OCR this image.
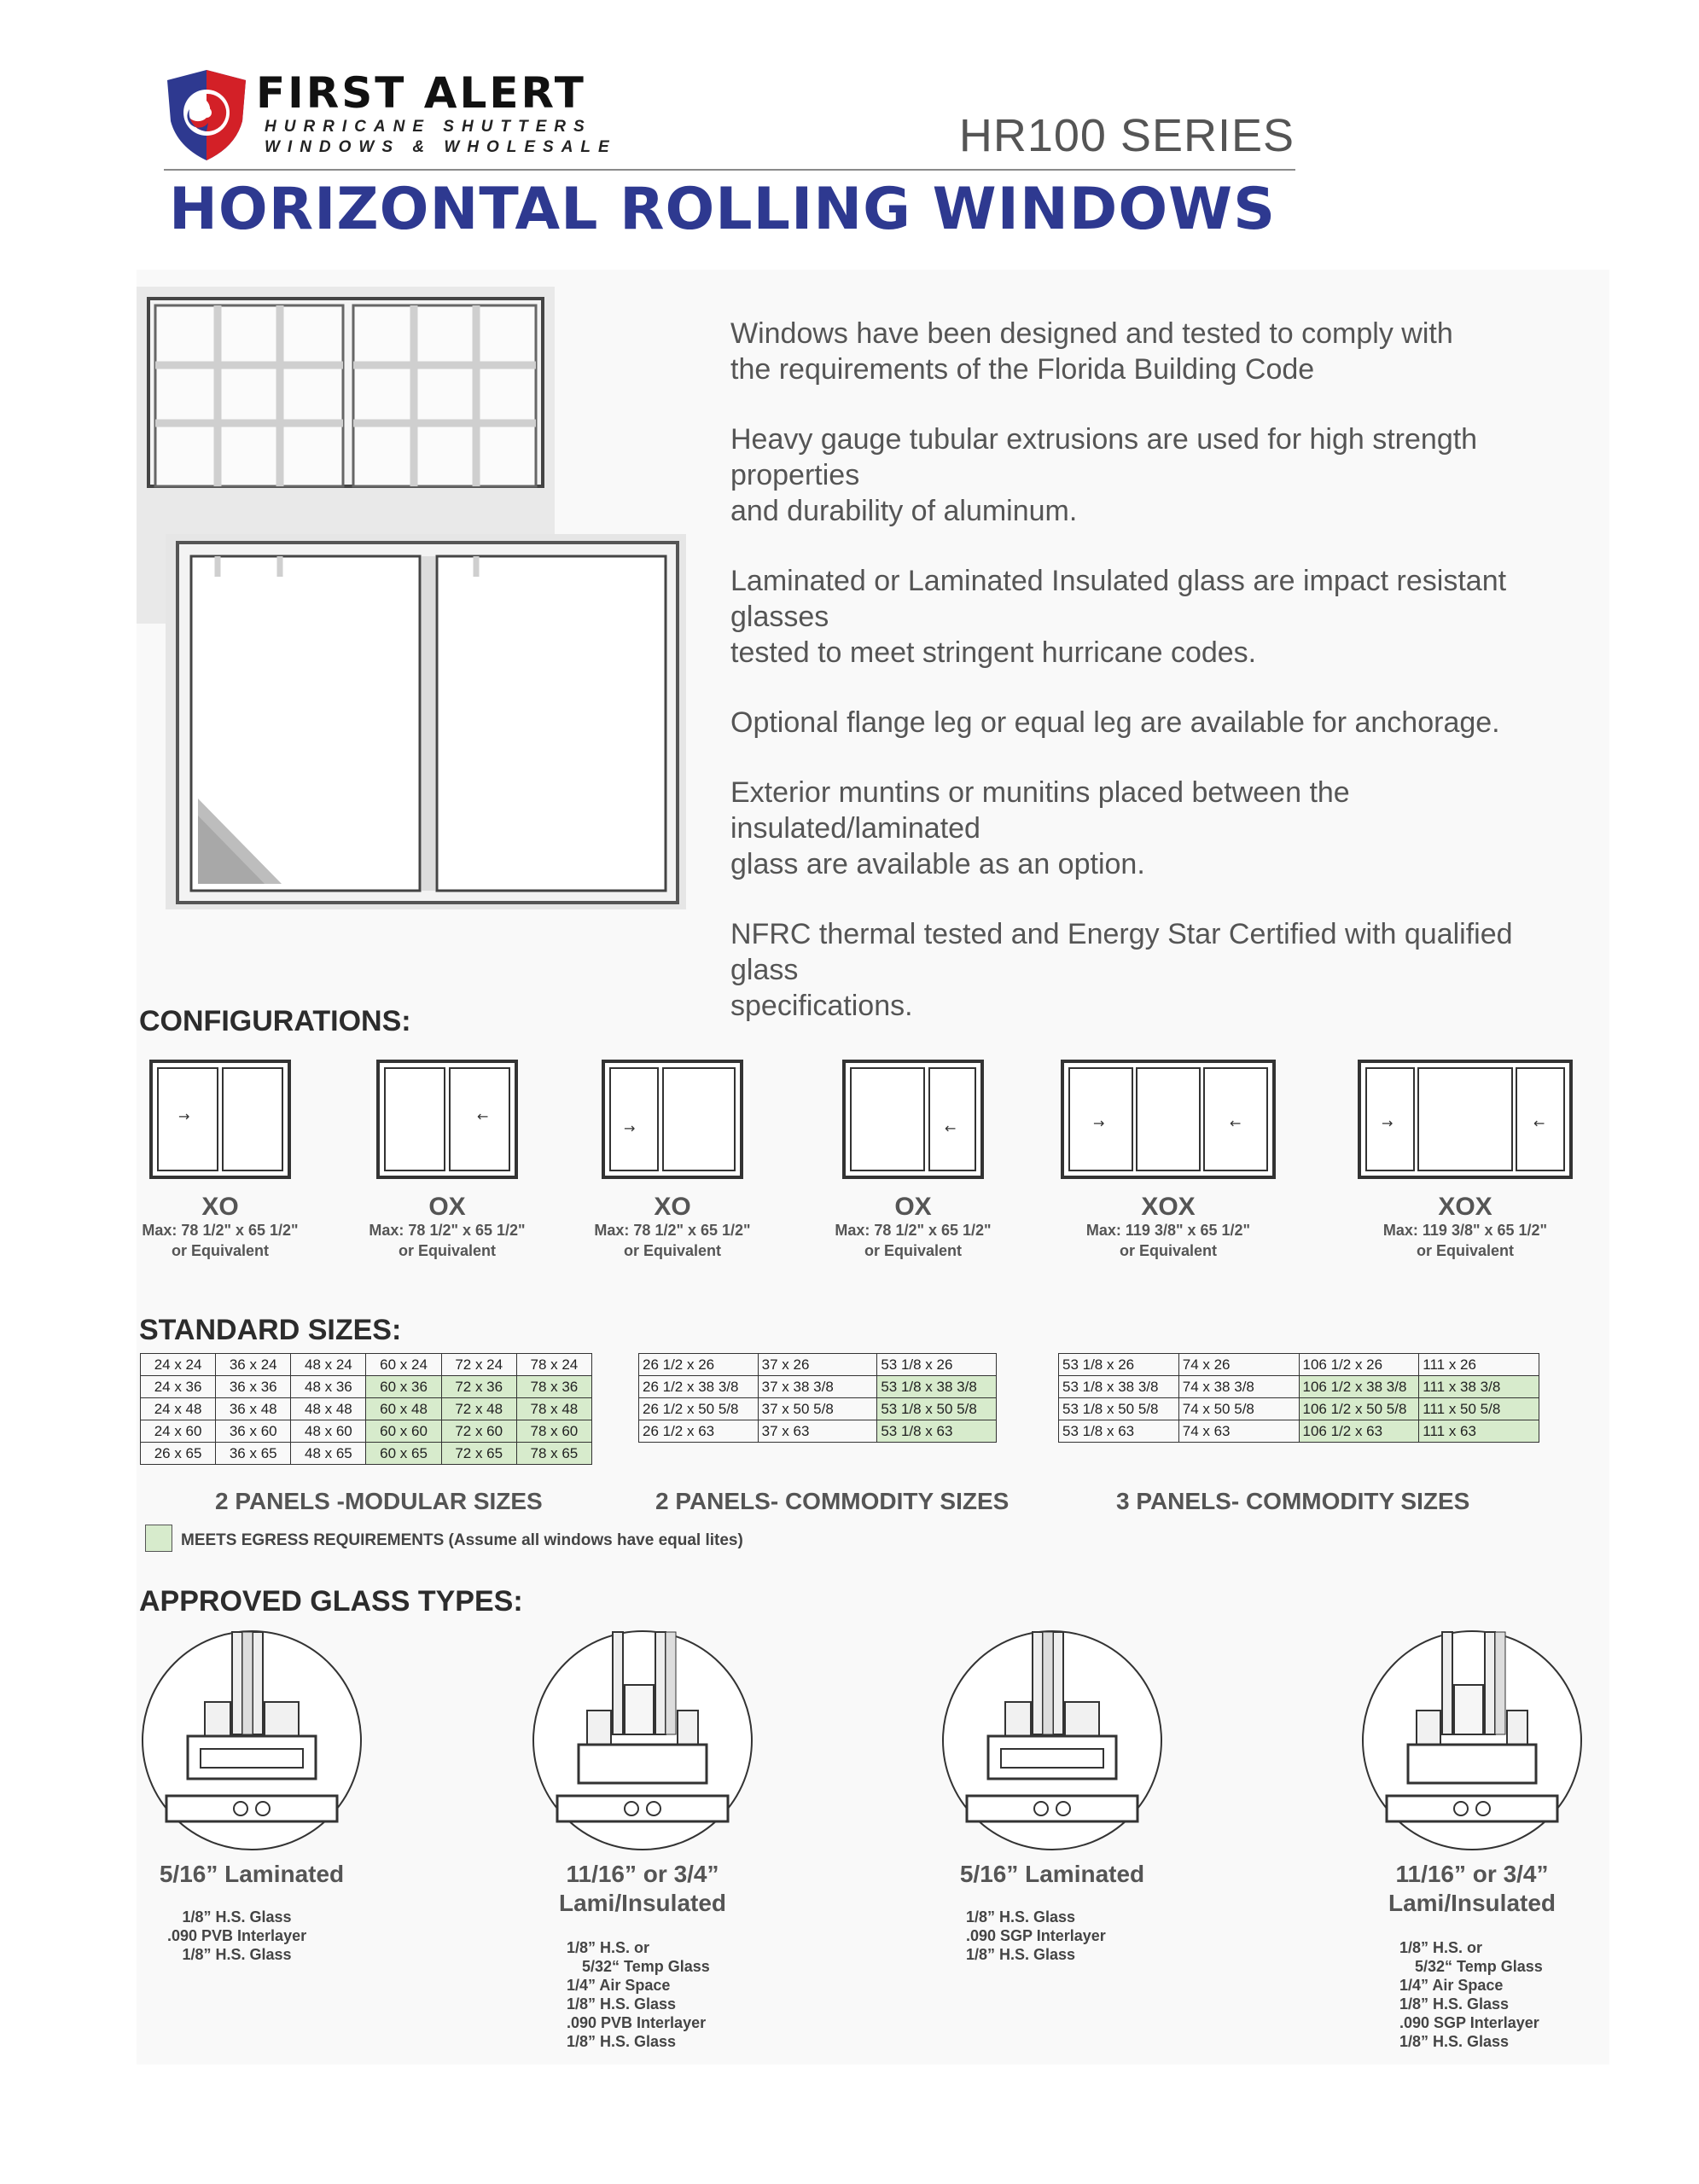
FIRST ALERT
HURRICANE SHUTTERS
WINDOWS & WHOLESALE	HR100 SERIES
HORIZONTAL ROLLING WINDOWS

Windows have been designed and tested to comply with
the requirements of the Florida Building Code

Heavy gauge tubular extrusions are used for high strength properties
and durability of aluminum.

Laminated or Laminated Insulated glass are impact resistant glasses
tested to meet stringent hurricane codes.

Optional flange leg or equal leg are available for anchorage.

Exterior muntins or munitins placed between the insulated/laminated
glass are available as an option.

NFRC thermal tested and Energy Star Certified with qualified glass
specifications.

CONFIGURATIONS:
→
XO
Max: 78 1/2" x 65 1/2"
or Equivalent
←
OX
Max: 78 1/2" x 65 1/2"
or Equivalent
→
XO
Max: 78 1/2" x 65 1/2"
or Equivalent
←
OX
Max: 78 1/2" x 65 1/2"
or Equivalent
→	←
XOX
Max: 119 3/8" x 65 1/2"
or Equivalent
→	←
XOX
Max: 119 3/8" x 65 1/2"
or Equivalent
STANDARD SIZES:
24 x 24	36 x 24	48 x 24	60 x 24	72 x 24	78 x 24
24 x 36	36 x 36	48 x 36	60 x 36	72 x 36	78 x 36
24 x 48	36 x 48	48 x 48	60 x 48	72 x 48	78 x 48
24 x 60	36 x 60	48 x 60	60 x 60	72 x 60	78 x 60
26 x 65	36 x 65	48 x 65	60 x 65	72 x 65	78 x 65
26 1/2 x 26	37 x 26	53 1/8 x 26
26 1/2 x 38 3/8	37 x 38 3/8	53 1/8 x 38 3/8
26 1/2 x 50 5/8	37 x 50 5/8	53 1/8 x 50 5/8
26 1/2 x 63	37 x 63	53 1/8 x 63
53 1/8 x 26	74 x 26	106 1/2 x 26	111 x 26
53 1/8 x 38 3/8	74 x 38 3/8	106 1/2 x 38 3/8	111 x 38 3/8
53 1/8 x 50 5/8	74 x 50 5/8	106 1/2 x 50 5/8	111 x 50 5/8
53 1/8 x 63	74 x 63	106 1/2 x 63	111 x 63
2 PANELS -MODULAR SIZES	2 PANELS- COMMODITY SIZES	3 PANELS- COMMODITY SIZES
MEETS EGRESS REQUIREMENTS (Assume all windows have equal lites)
APPROVED GLASS TYPES:
5/16” Laminated	11/16” or 3/4”
Lami/Insulated
5/16” Laminated	11/16” or 3/4”
Lami/Insulated
1/8” H.S. Glass
.090 PVB Interlayer
1/8” H.S. Glass	1/8” H.S. or
5/32“ Temp Glass
1/4” Air Space
1/8” H.S. Glass
.090 PVB Interlayer
1/8” H.S. Glass
1/8” H.S. Glass
.090 SGP Interlayer
1/8” H.S. Glass	1/8” H.S. or
5/32“ Temp Glass
1/4” Air Space
1/8” H.S. Glass
.090 SGP Interlayer
1/8” H.S. Glass
